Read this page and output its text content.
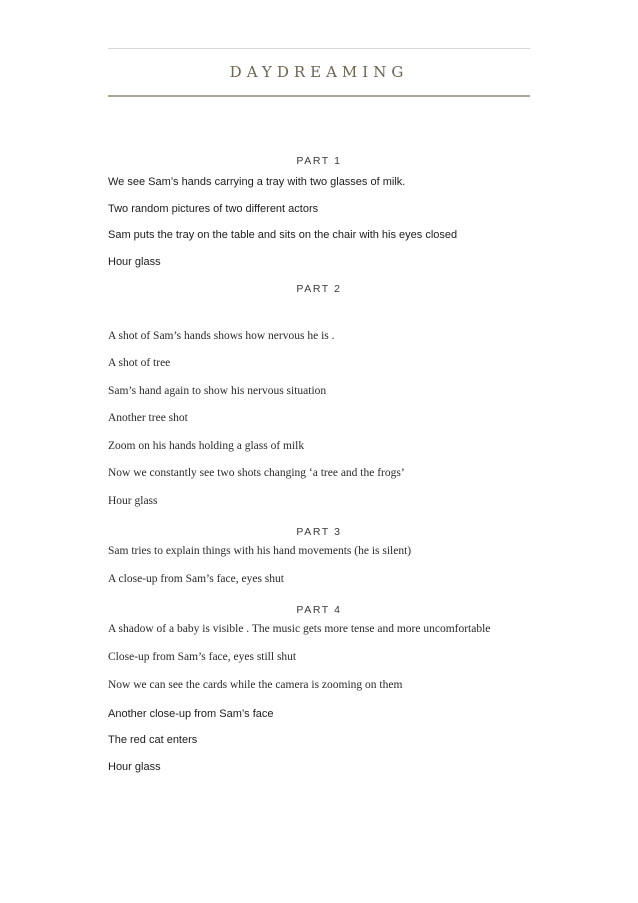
DAYDREAMING
PART 1
We see Sam’s hands carrying a tray with two glasses of milk.
Two random pictures of two different actors
Sam puts the tray on the table and sits on the chair with his eyes closed
Hour glass
PART 2
A shot of Sam’s hands shows how nervous he is .
A shot of tree
Sam’s hand again to show his nervous situation
Another tree shot
Zoom on his hands holding a glass of milk
Now we constantly see two shots changing ‘a tree and the frogs’
Hour glass
PART 3
Sam tries to explain things with his hand movements (he is silent)
A close-up from Sam’s face, eyes shut
PART 4
A shadow of a baby is visible . The music gets more tense and more uncomfortable
Close-up from Sam’s face, eyes still shut
Now we can see the cards while the camera is zooming on them
Another close-up from Sam’s face
The red cat enters
Hour glass
